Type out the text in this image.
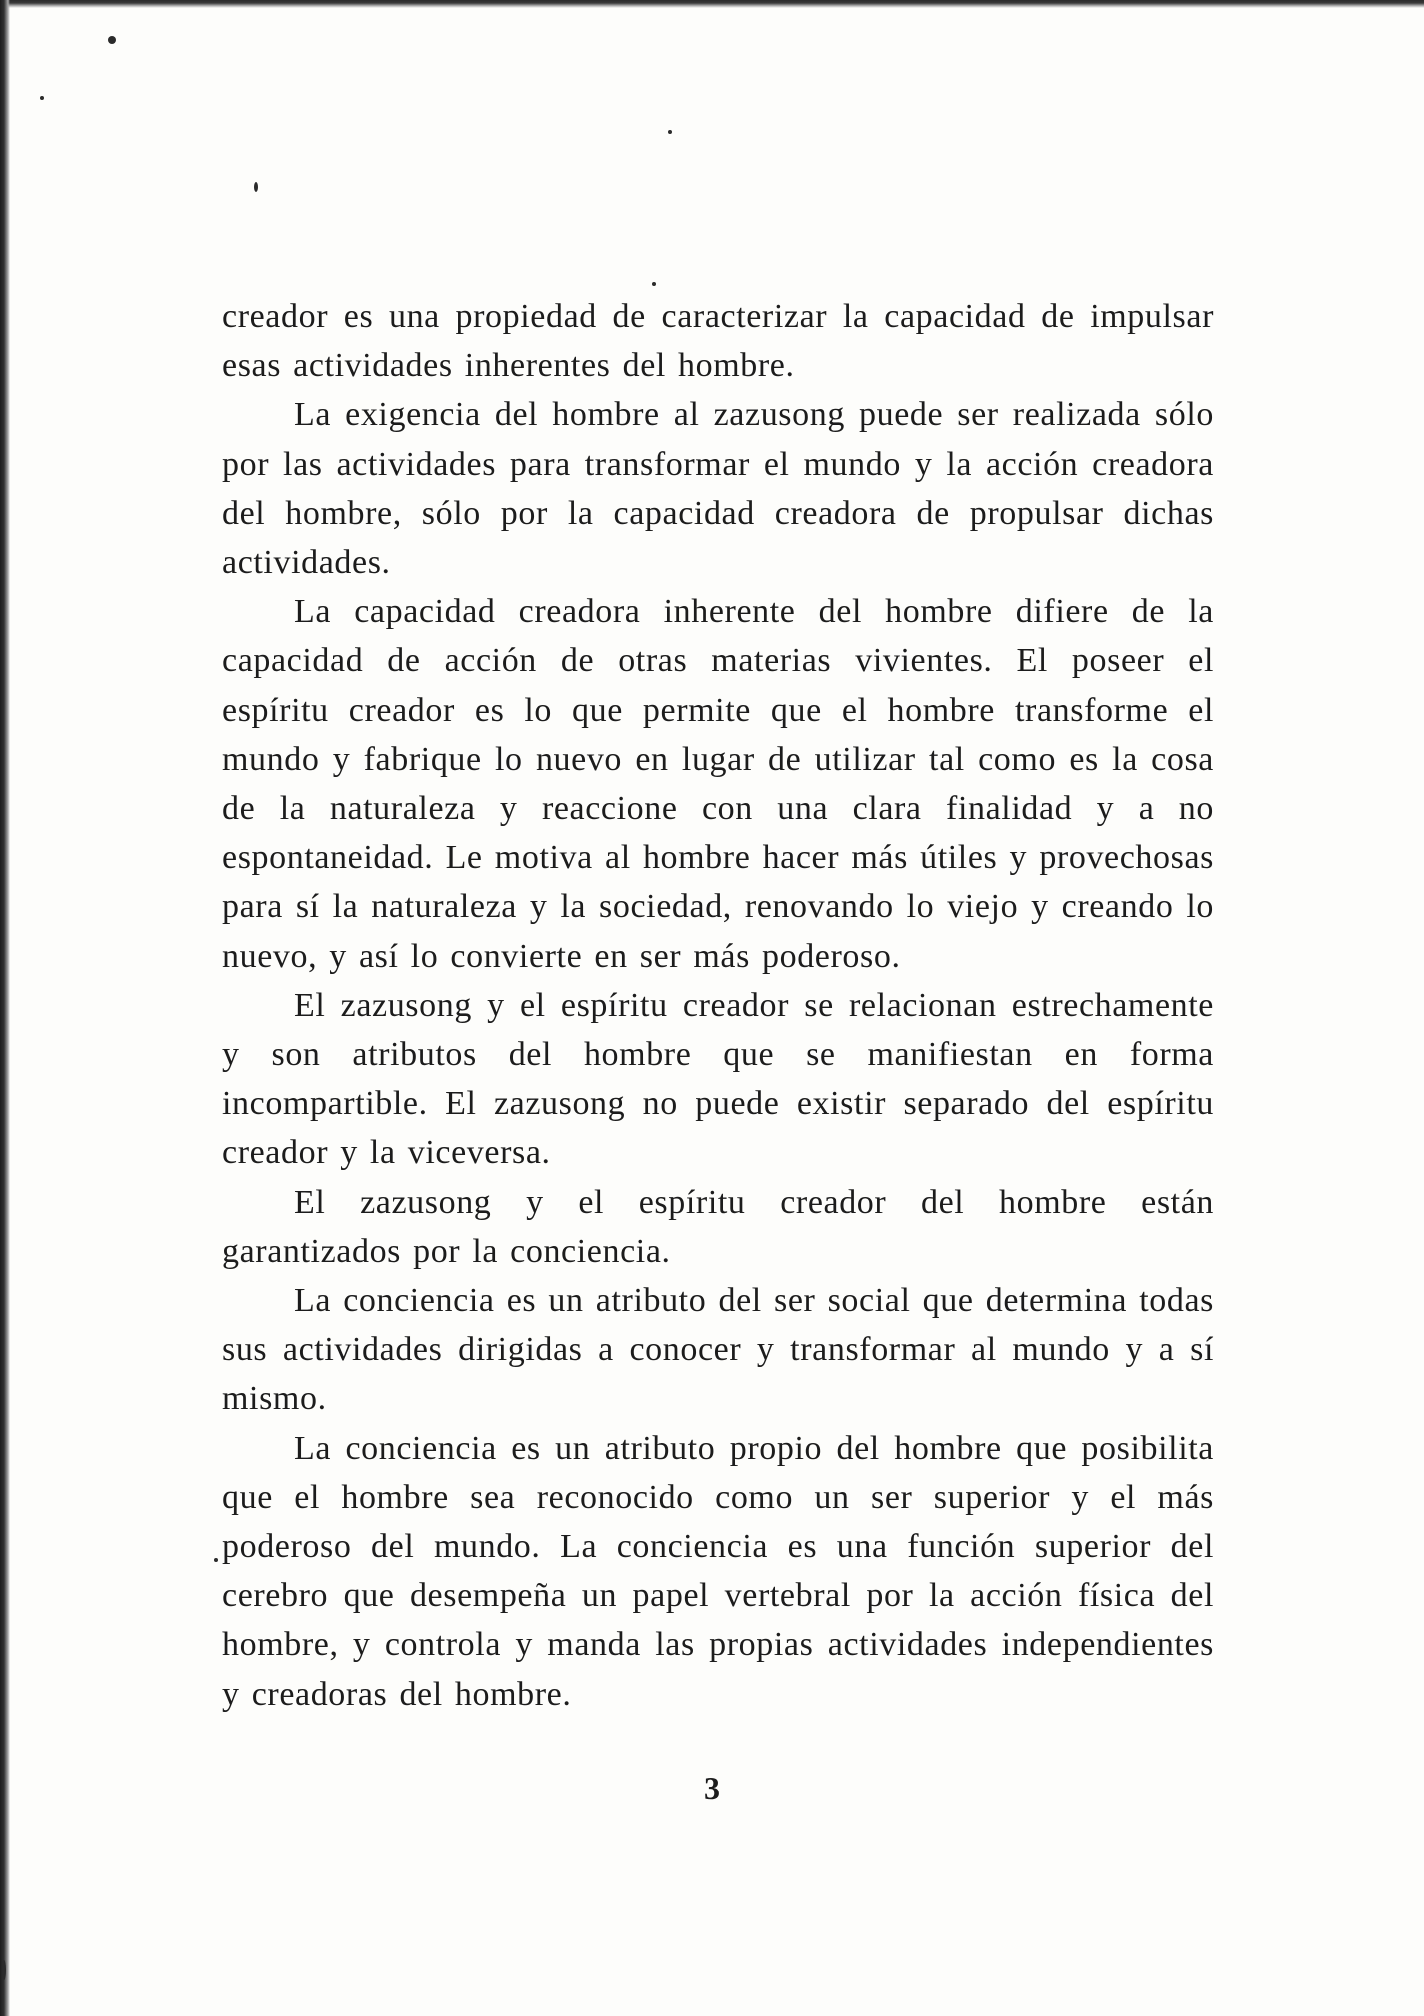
creador es una propiedad de caracterizar la capacidad de impulsar esas actividades inherentes del hombre.

La exigencia del hombre al zazusong puede ser realizada sólo por las actividades para transformar el mundo y la acción creadora del hombre, sólo por la capacidad creadora de propulsar dichas actividades.

La capacidad creadora inherente del hombre difiere de la capacidad de acción de otras materias vivientes. El poseer el espíritu creador es lo que permite que el hombre transforme el mundo y fabrique lo nuevo en lugar de utilizar tal como es la cosa de la naturaleza y reaccione con una clara finalidad y a no espontaneidad. Le motiva al hombre hacer más útiles y provechosas para sí la naturaleza y la sociedad, renovando lo viejo y creando lo nuevo, y así lo convierte en ser más poderoso.

El zazusong y el espíritu creador se relacionan estrechamente y son atributos del hombre que se manifiestan en forma incompartible. El zazusong no puede existir separado del espíritu creador y la viceversa.

El zazusong y el espíritu creador del hombre están garantizados por la conciencia.

La conciencia es un atributo del ser social que determina todas sus actividades dirigidas a conocer y transformar al mundo y a sí mismo.

La conciencia es un atributo propio del hombre que posibilita que el hombre sea reconocido como un ser superior y el más poderoso del mundo. La conciencia es una función superior del cerebro que desempeña un papel vertebral por la acción física del hombre, y controla y manda las propias actividades independientes y creadoras del hombre.

3
